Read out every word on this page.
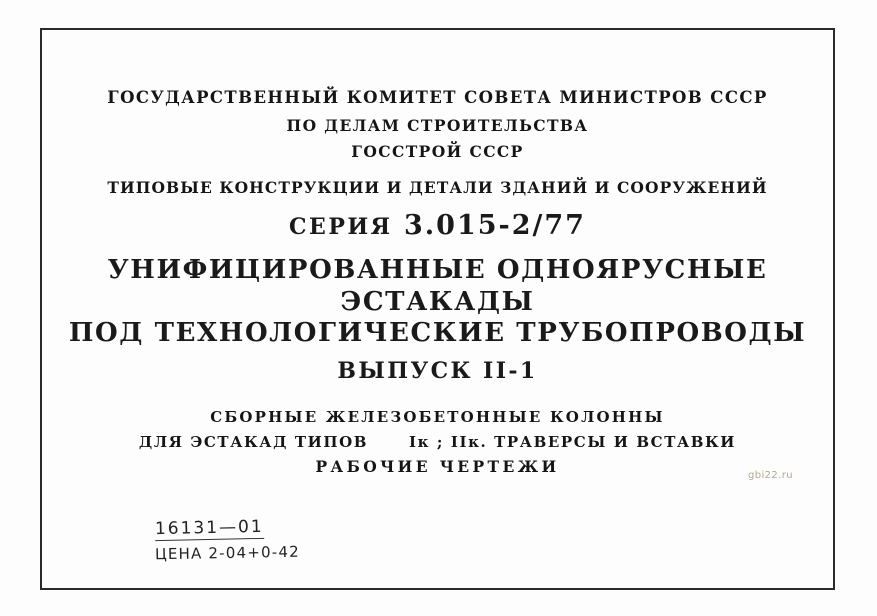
ГОСУДАРСТВЕННЫЙ КОМИТЕТ СОВЕТА МИНИСТРОВ СССР
ПО ДЕЛАМ СТРОИТЕЛЬСТВА
ГОССТРОЙ СССР
ТИПОВЫЕ КОНСТРУКЦИИ И ДЕТАЛИ ЗДАНИЙ И СООРУЖЕНИЙ
СЕРИЯ 3.015-2/77
УНИФИЦИРОВАННЫЕ ОДНОЯРУСНЫЕ ЭСТАКАДЫ
ПОД ТЕХНОЛОГИЧЕСКИЕ ТРУБОПРОВОДЫ
ВЫПУСК II-1
СБОРНЫЕ ЖЕЛЕЗОБЕТОННЫЕ КОЛОННЫ
ДЛЯ ЭСТАКАД ТИПОВ	Iк ; IIк. ТРАВЕРСЫ И ВСТАВКИ
РАБОЧИЕ ЧЕРТЕЖИ
16131—01
ЦЕНА 2-04+0-42
gbi22.ru
